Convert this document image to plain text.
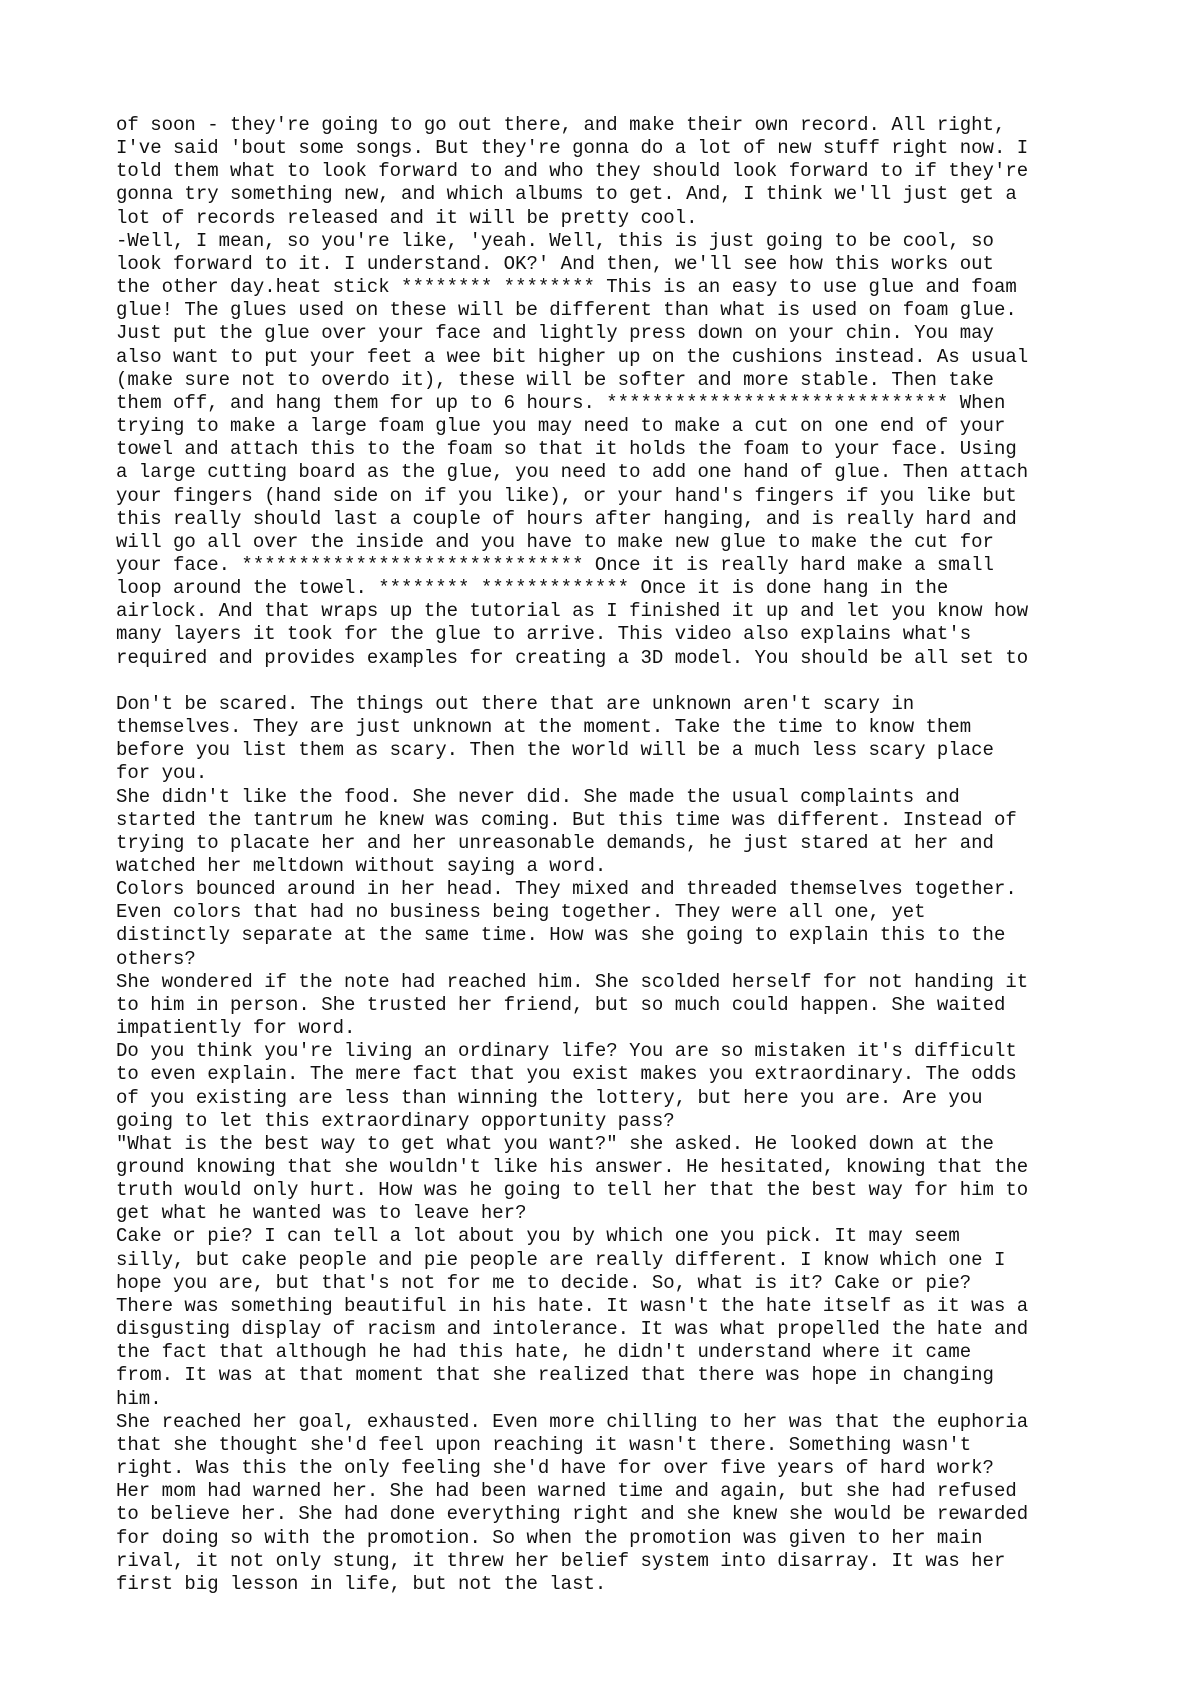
of soon - they're going to go out there, and make their own record. All right,
I've said 'bout some songs. But they're gonna do a lot of new stuff right now. I
told them what to look forward to and who they should look forward to if they're
gonna try something new, and which albums to get. And, I think we'll just get a
lot of records released and it will be pretty cool.
-Well, I mean, so you're like, 'yeah. Well, this is just going to be cool, so
look forward to it. I understand. OK?' And then, we'll see how this works out
the other day.heat stick ******** ******** This is an easy to use glue and foam
glue! The glues used on these will be different than what is used on foam glue.
Just put the glue over your face and lightly press down on your chin. You may
also want to put your feet a wee bit higher up on the cushions instead. As usual
(make sure not to overdo it), these will be softer and more stable. Then take
them off, and hang them for up to 6 hours. ****************************** When
trying to make a large foam glue you may need to make a cut on one end of your
towel and attach this to the foam so that it holds the foam to your face. Using
a large cutting board as the glue, you need to add one hand of glue. Then attach
your fingers (hand side on if you like), or your hand's fingers if you like but
this really should last a couple of hours after hanging, and is really hard and
will go all over the inside and you have to make new glue to make the cut for
your face. ****************************** Once it is really hard make a small
loop around the towel. ******** ************* Once it is done hang in the
airlock. And that wraps up the tutorial as I finished it up and let you know how
many layers it took for the glue to arrive. This video also explains what's
required and provides examples for creating a 3D model. You should be all set to
Don't be scared. The things out there that are unknown aren't scary in
themselves. They are just unknown at the moment. Take the time to know them
before you list them as scary. Then the world will be a much less scary place
for you.
She didn't like the food. She never did. She made the usual complaints and
started the tantrum he knew was coming. But this time was different. Instead of
trying to placate her and her unreasonable demands, he just stared at her and
watched her meltdown without saying a word.
Colors bounced around in her head. They mixed and threaded themselves together.
Even colors that had no business being together. They were all one, yet
distinctly separate at the same time. How was she going to explain this to the
others?
She wondered if the note had reached him. She scolded herself for not handing it
to him in person. She trusted her friend, but so much could happen. She waited
impatiently for word.
Do you think you're living an ordinary life? You are so mistaken it's difficult
to even explain. The mere fact that you exist makes you extraordinary. The odds
of you existing are less than winning the lottery, but here you are. Are you
going to let this extraordinary opportunity pass?
"What is the best way to get what you want?" she asked. He looked down at the
ground knowing that she wouldn't like his answer. He hesitated, knowing that the
truth would only hurt. How was he going to tell her that the best way for him to
get what he wanted was to leave her?
Cake or pie? I can tell a lot about you by which one you pick. It may seem
silly, but cake people and pie people are really different. I know which one I
hope you are, but that's not for me to decide. So, what is it? Cake or pie?
There was something beautiful in his hate. It wasn't the hate itself as it was a
disgusting display of racism and intolerance. It was what propelled the hate and
the fact that although he had this hate, he didn't understand where it came
from. It was at that moment that she realized that there was hope in changing
him.
She reached her goal, exhausted. Even more chilling to her was that the euphoria
that she thought she'd feel upon reaching it wasn't there. Something wasn't
right. Was this the only feeling she'd have for over five years of hard work?
Her mom had warned her. She had been warned time and again, but she had refused
to believe her. She had done everything right and she knew she would be rewarded
for doing so with the promotion. So when the promotion was given to her main
rival, it not only stung, it threw her belief system into disarray. It was her
first big lesson in life, but not the last.
